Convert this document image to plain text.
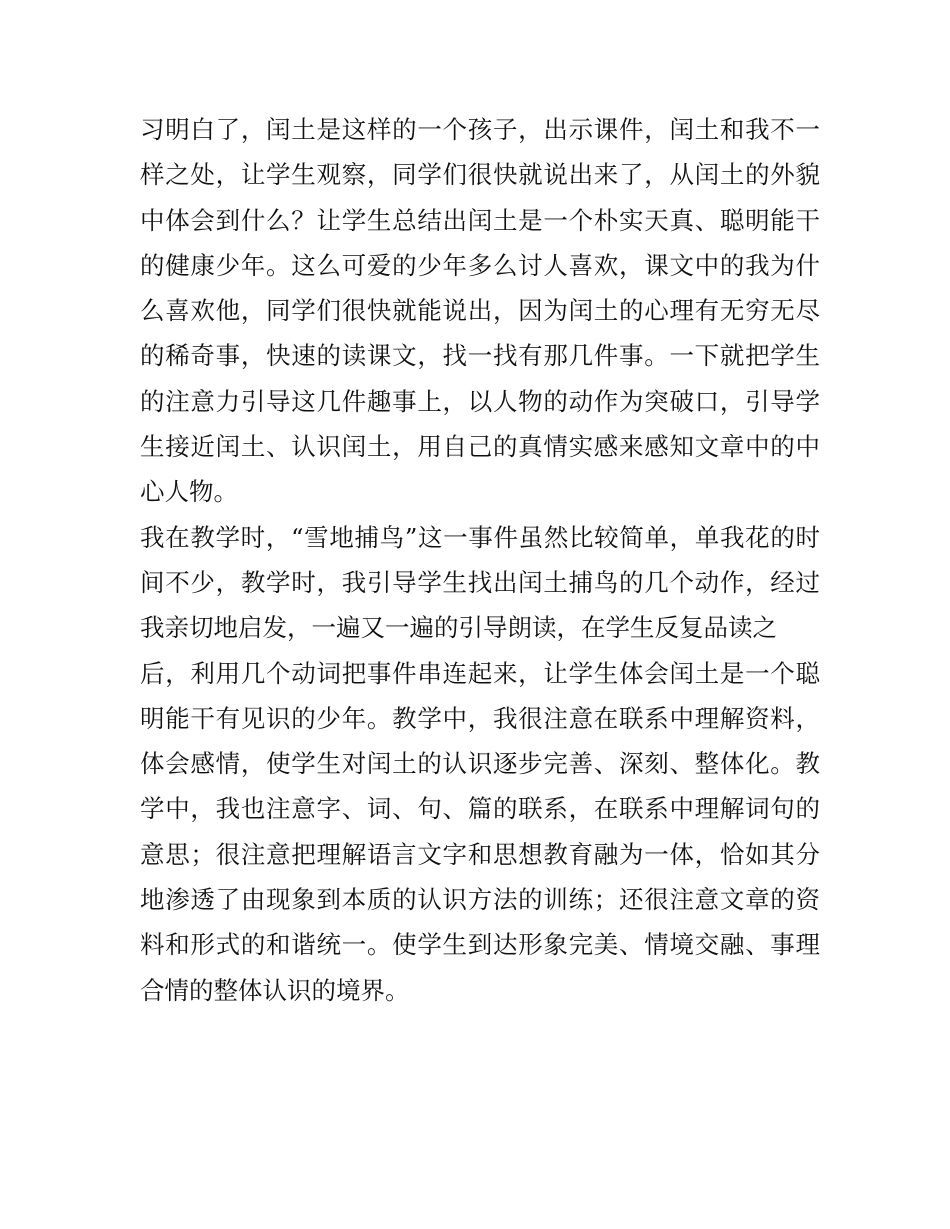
习明白了，闰土是这样的一个孩子，出示课件，闰土和我不一
样之处，让学生观察，同学们很快就说出来了，从闰土的外貌
中体会到什么？让学生总结出闰土是一个朴实天真、聪明能干
的健康少年。这么可爱的少年多么讨人喜欢，课文中的我为什
么喜欢他，同学们很快就能说出，因为闰土的心理有无穷无尽
的稀奇事，快速的读课文，找一找有那几件事。一下就把学生
的注意力引导这几件趣事上，以人物的动作为突破口，引导学
生接近闰土、认识闰土，用自己的真情实感来感知文章中的中
心人物。
我在教学时，“雪地捕鸟”这一事件虽然比较简单，单我花的时
间不少，教学时，我引导学生找出闰土捕鸟的几个动作，经过
我亲切地启发，一遍又一遍的引导朗读，在学生反复品读之
后，利用几个动词把事件串连起来，让学生体会闰土是一个聪
明能干有见识的少年。教学中，我很注意在联系中理解资料，
体会感情，使学生对闰土的认识逐步完善、深刻、整体化。教
学中，我也注意字、词、句、篇的联系，在联系中理解词句的
意思；很注意把理解语言文字和思想教育融为一体，恰如其分
地渗透了由现象到本质的认识方法的训练；还很注意文章的资
料和形式的和谐统一。使学生到达形象完美、情境交融、事理
合情的整体认识的境界。
